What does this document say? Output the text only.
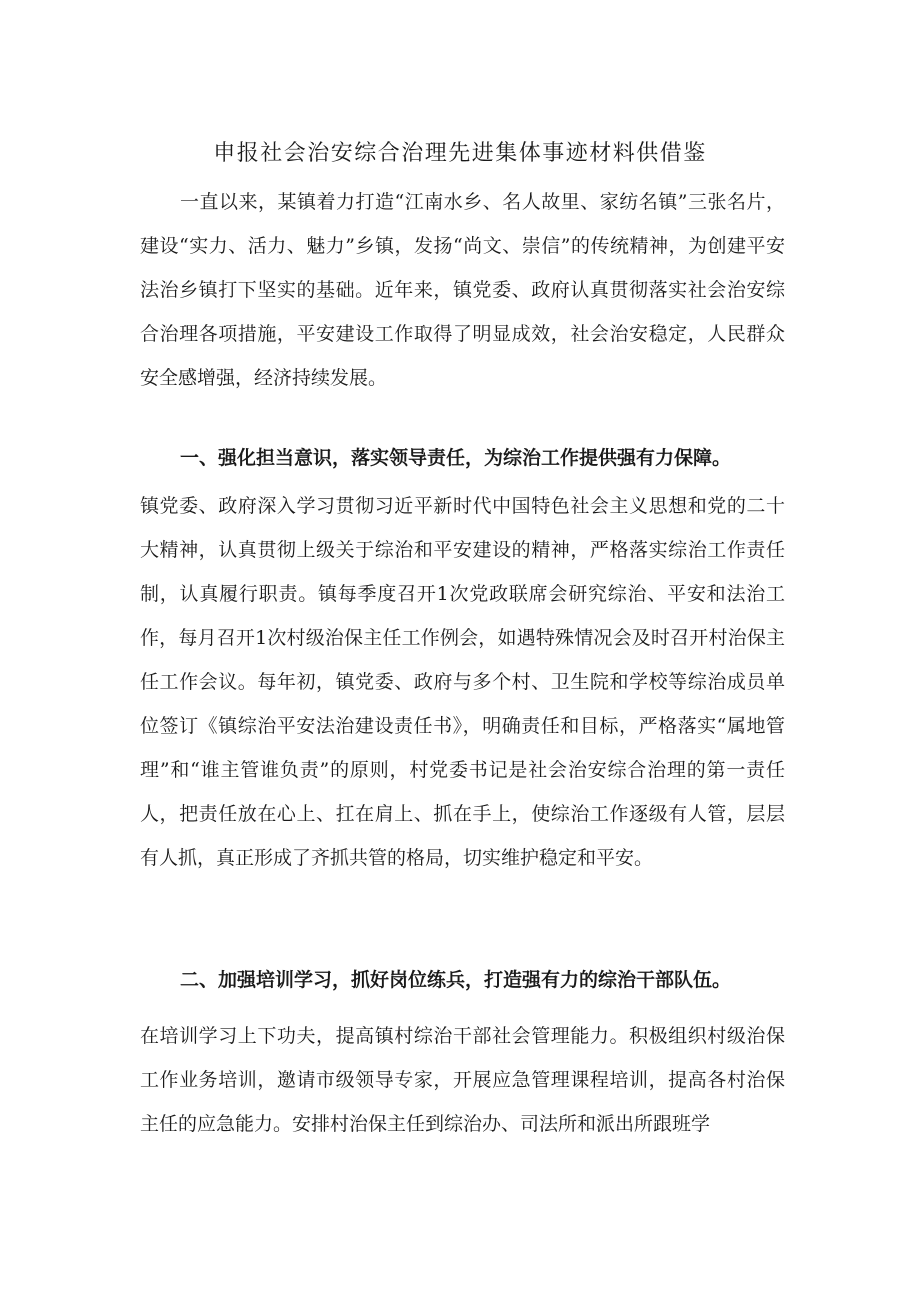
申报社会治安综合治理先进集体事迹材料供借鉴

一直以来，某镇着力打造“江南水乡、名人故里、家纺名镇”三张名片，建设“实力、活力、魅力”乡镇，发扬“尚文、崇信”的传统精神，为创建平安法治乡镇打下坚实的基础。近年来，镇党委、政府认真贯彻落实社会治安综合治理各项措施，平安建设工作取得了明显成效，社会治安稳定，人民群众安全感增强，经济持续发展。

一、强化担当意识，落实领导责任，为综治工作提供强有力保障。

镇党委、政府深入学习贯彻习近平新时代中国特色社会主义思想和党的二十大精神，认真贯彻上级关于综治和平安建设的精神，严格落实综治工作责任制，认真履行职责。镇每季度召开1次党政联席会研究综治、平安和法治工作，每月召开1次村级治保主任工作例会，如遇特殊情况会及时召开村治保主任工作会议。每年初，镇党委、政府与多个村、卫生院和学校等综治成员单位签订《镇综治平安法治建设责任书》，明确责任和目标，严格落实“属地管理”和“谁主管谁负责”的原则，村党委书记是社会治安综合治理的第一责任人，把责任放在心上、扛在肩上、抓在手上，使综治工作逐级有人管，层层有人抓，真正形成了齐抓共管的格局，切实维护稳定和平安。

二、加强培训学习，抓好岗位练兵，打造强有力的综治干部队伍。

在培训学习上下功夫，提高镇村综治干部社会管理能力。积极组织村级治保工作业务培训，邀请市级领导专家，开展应急管理课程培训，提高各村治保主任的应急能力。安排村治保主任到综治办、司法所和派出所跟班学
